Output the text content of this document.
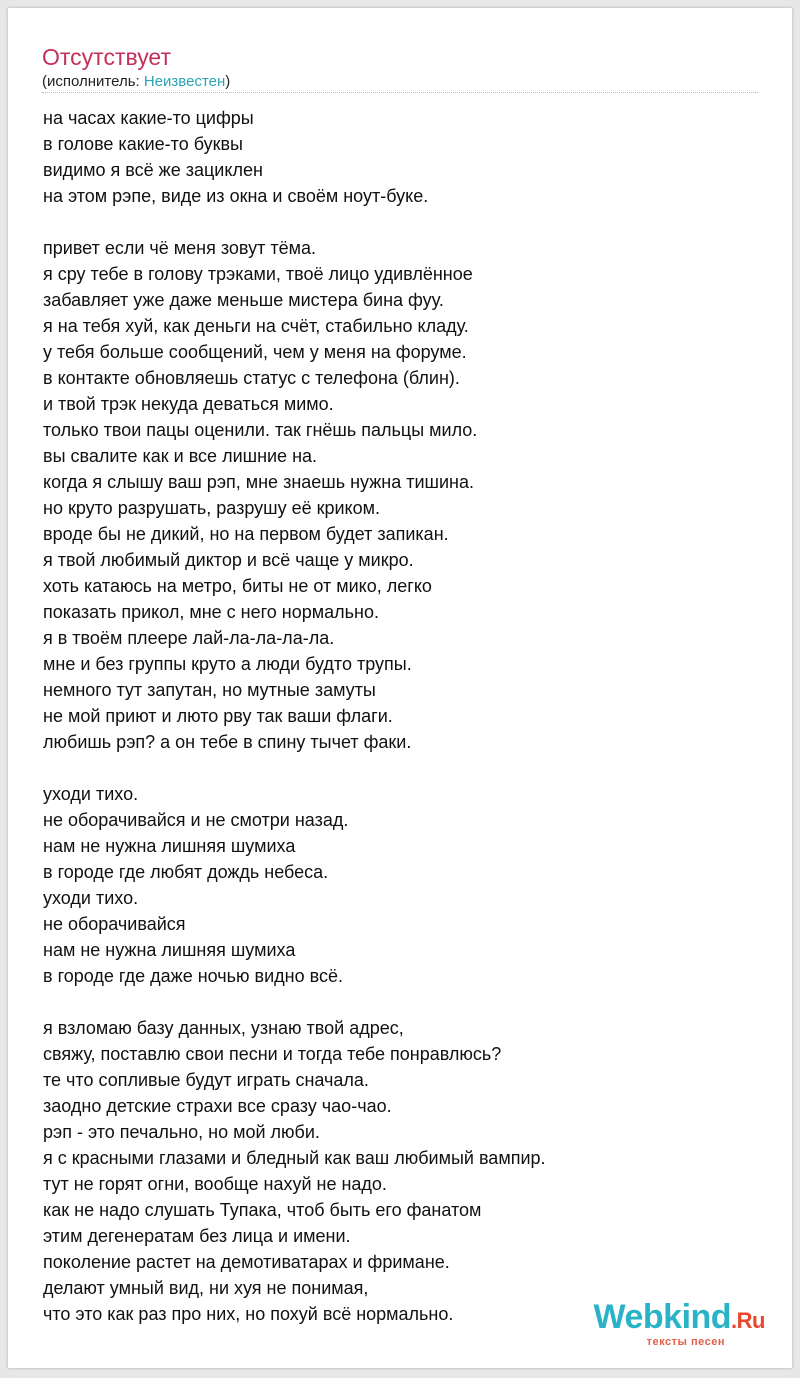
Отсутствует
(исполнитель: Неизвестен)
на часах какие-то цифры
в голове какие-то буквы
видимо я всё же зациклен
на этом рэпе, виде из окна и своём ноут-буке.
привет если чё меня зовут тёма.
я сру тебе в голову трэками, твоё лицо удивлённое
забавляет уже даже меньше мистера бина фуу.
я на тебя хуй, как деньги на счёт, стабильно кладу.
у тебя больше сообщений, чем у меня на форуме.
в контакте обновляешь статус с телефона (блин).
и твой трэк некуда деваться мимо.
только твои пацы оценили. так гнёшь пальцы мило.
вы свалите как и все лишние на.
когда я слышу ваш рэп, мне знаешь нужна тишина.
но круто разрушать, разрушу её криком.
вроде бы не дикий, но на первом будет запикан.
я твой любимый диктор и всё чаще у микро.
хоть катаюсь на метро, биты не от мико, легко
показать прикол, мне с него нормально.
я в твоём плеере лай-ла-ла-ла-ла.
мне и без группы круто а люди будто трупы.
немного тут запутан, но мутные замуты
не мой приют и люто рву так ваши флаги.
любишь рэп? а он тебе в спину тычет факи.
уходи тихо.
не оборачивайся и не смотри назад.
нам не нужна лишняя шумиха
в городе где любят дождь небеса.
уходи тихо.
не оборачивайся
нам не нужна лишняя шумиха
в городе где даже ночью видно всё.
я взломаю базу данных, узнаю твой адрес,
свяжу, поставлю свои песни и тогда тебе понравлюсь?
те что сопливые будут играть сначала.
заодно детские страхи все сразу чао-чао.
рэп - это печально, но мой люби.
я с красными глазами и бледный как ваш любимый вампир.
тут не горят огни, вообще нахуй не надо.
как не надо слушать Тупака, чтоб быть его фанатом
этим дегенератам без лица и имени.
поколение растет на демотиватарах и фримане.
делают умный вид, ни хуя не понимая,
что это как раз про них, но похуй всё нормально.	Webkind.Ru
тексты песен
